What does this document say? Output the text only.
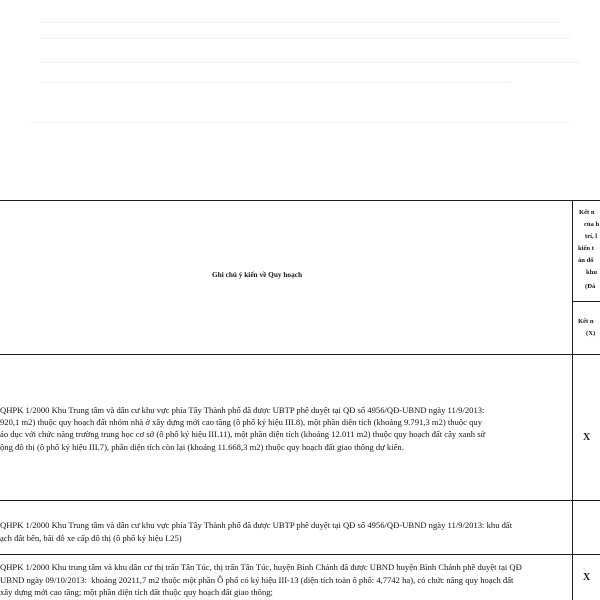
Ghi chú ý kiến về Quy hoạch
Kết n
của h
trí, l
kiến t
án đổ
khu
(Đá
Kết n
(X)
QHPK 1/2000 Khu Trung tâm và dân cư khu vực phía Tây Thành phố đã được UBTP phê duyệt tại QĐ số 4956/QĐ-UBND ngày 11/9/2013:
920,1 m2) thuộc quy hoạch đất nhóm nhà ở xây dựng mới cao tầng (ô phố ký hiệu III.8), một phần diện tích (khoảng 9.791,3 m2) thuộc quy
áo dục với chức năng trường trung học cơ sở (ô phố ký hiệu III.11), một phần diện tích (khoảng 12.011 m2) thuộc quy hoạch đất cây xanh sử
ộng đô thị (ô phố ký hiệu III.7), phần diện tích còn lại (khoảng 11.668,3 m2) thuộc quy hoạch đất giao thông dự kiến.
X
QHPK 1/2000 Khu Trung tâm và dân cư khu vực phía Tây Thành phố đã được UBTP phê duyệt tại QĐ số 4956/QĐ-UBND ngày 11/9/2013: khu đất
ạch đất bến, bãi đỗ xe cấp đô thị (ô phố ký hiệu I.25)
QHPK 1/2000 Khu trung tâm và khu dân cư thị trấn Tân Túc, thị trấn Tân Túc, huyện Bình Chánh đã được UBND huyện Bình Chánh phê duyệt tại QĐ
UBND ngày 09/10/2013:  khoảng 20211,7 m2 thuộc một phần Ô phố có ký hiệu III-13 (diện tích toàn ô phố: 4,7742 ha), có chức năng quy hoạch đất
xây dựng mới cao tầng; một phần diện tích đất thuộc quy hoạch đất giao thông;
X
